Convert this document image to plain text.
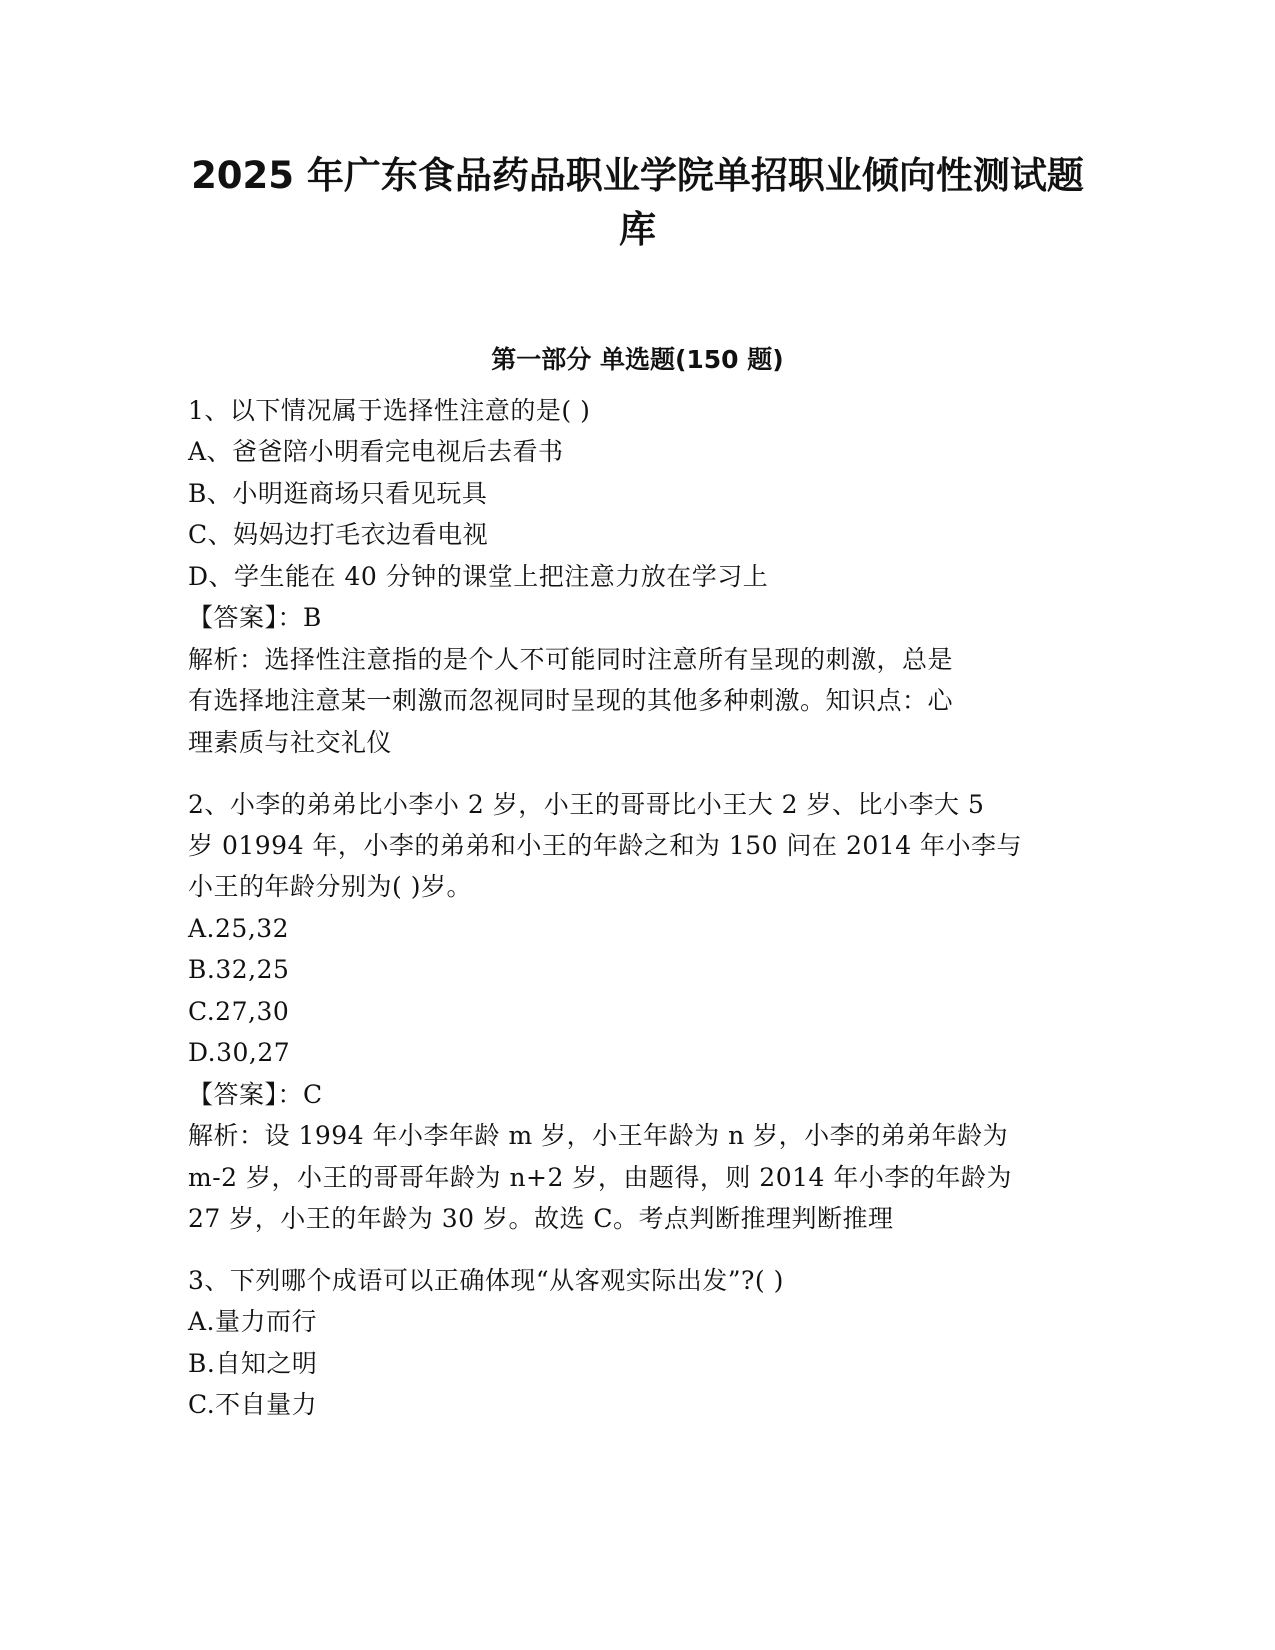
2025 年广东食品药品职业学院单招职业倾向性测试题
库
第一部分 单选题(150 题)

1、以下情况属于选择性注意的是( )

A、爸爸陪小明看完电视后去看书

B、小明逛商场只看见玩具

C、妈妈边打毛衣边看电视

D、学生能在 40 分钟的课堂上把注意力放在学习上

【答案】：B

解析：选择性注意指的是个人不可能同时注意所有呈现的刺激，总是

有选择地注意某一刺激而忽视同时呈现的其他多种刺激。知识点：心

理素质与社交礼仪

2、小李的弟弟比小李小 2 岁，小王的哥哥比小王大 2 岁、比小李大 5

岁 01994 年，小李的弟弟和小王的年龄之和为 150 问在 2014 年小李与

小王的年龄分别为( )岁。

A.25,32

B.32,25

C.27,30

D.30,27

【答案】：C

解析：设 1994 年小李年龄 m 岁，小王年龄为 n 岁，小李的弟弟年龄为

m-2 岁，小王的哥哥年龄为 n+2 岁，由题得，则 2014 年小李的年龄为

27 岁，小王的年龄为 30 岁。故选 C。考点判断推理判断推理

3、下列哪个成语可以正确体现“从客观实际出发”?( )

A.量力而行

B.自知之明

C.不自量力
